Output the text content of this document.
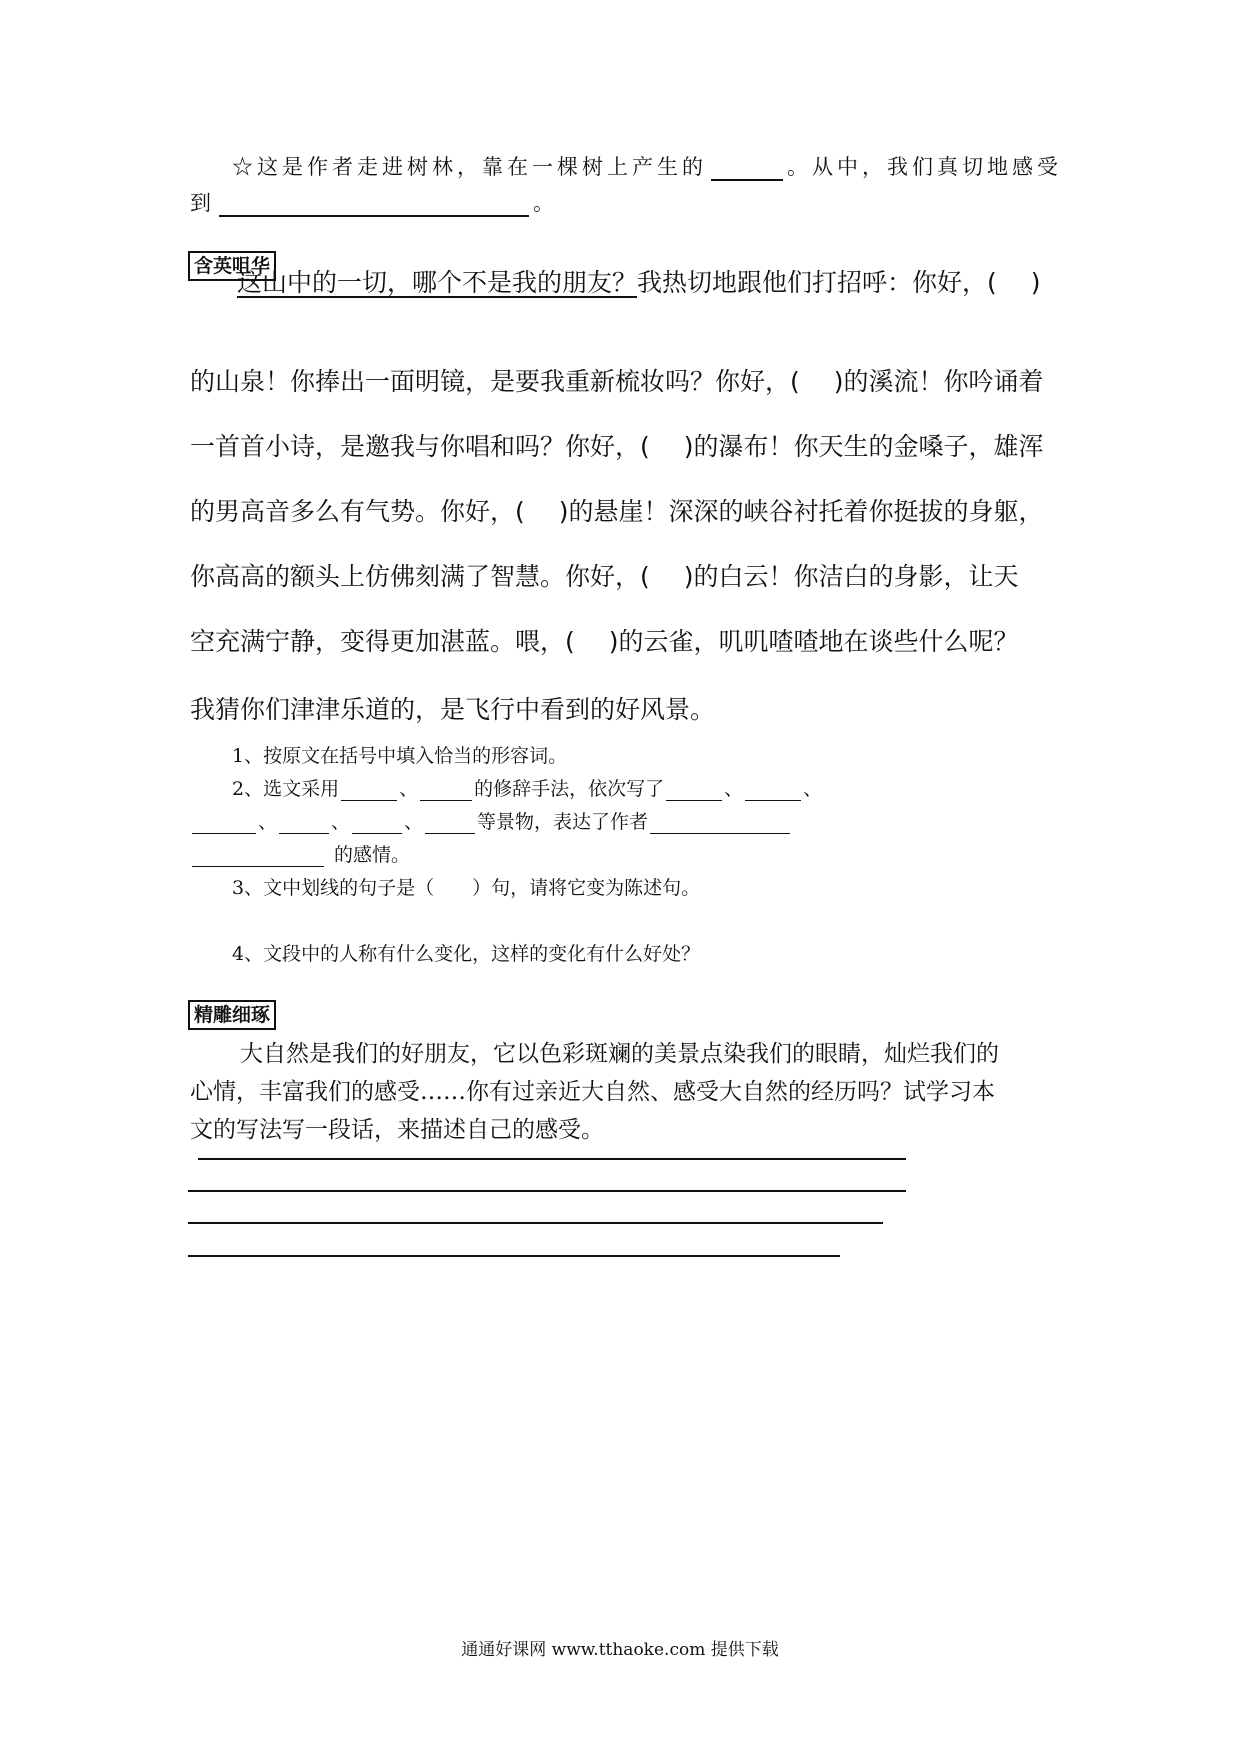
☆这是作者走进树林，靠在一棵树上产生的	。从中，我们真切地感受
到	。
含英咀华
这山中的一切，哪个不是我的朋友？我热切地跟他们打招呼：你好，( )
的山泉！你捧出一面明镜，是要我重新梳妆吗？你好，( )的溪流！你吟诵着
一首首小诗，是邀我与你唱和吗？你好，( )的瀑布！你天生的金嗓子，雄浑
的男高音多么有气势。你好，( )的悬崖！深深的峡谷衬托着你挺拔的身躯，
你高高的额头上仿佛刻满了智慧。你好，( )的白云！你洁白的身影，让天
空充满宁静，变得更加湛蓝。喂，( )的云雀，叽叽喳喳地在谈些什么呢？
我猜你们津津乐道的，是飞行中看到的好风景。
1、按原文在括号中填入恰当的形容词。
2、选文采用	、	的修辞手法，依次写了	、	、
、	、	、	等景物，表达了作者
的感情。
3、文中划线的句子是（　　）句，请将它变为陈述句。
4、文段中的人称有什么变化，这样的变化有什么好处？
精雕细琢
大自然是我们的好朋友，它以色彩斑斓的美景点染我们的眼睛，灿烂我们的
心情，丰富我们的感受……你有过亲近大自然、感受大自然的经历吗？试学习本
文的写法写一段话，来描述自己的感受。
通通好课网 www.tthaoke.com 提供下载
